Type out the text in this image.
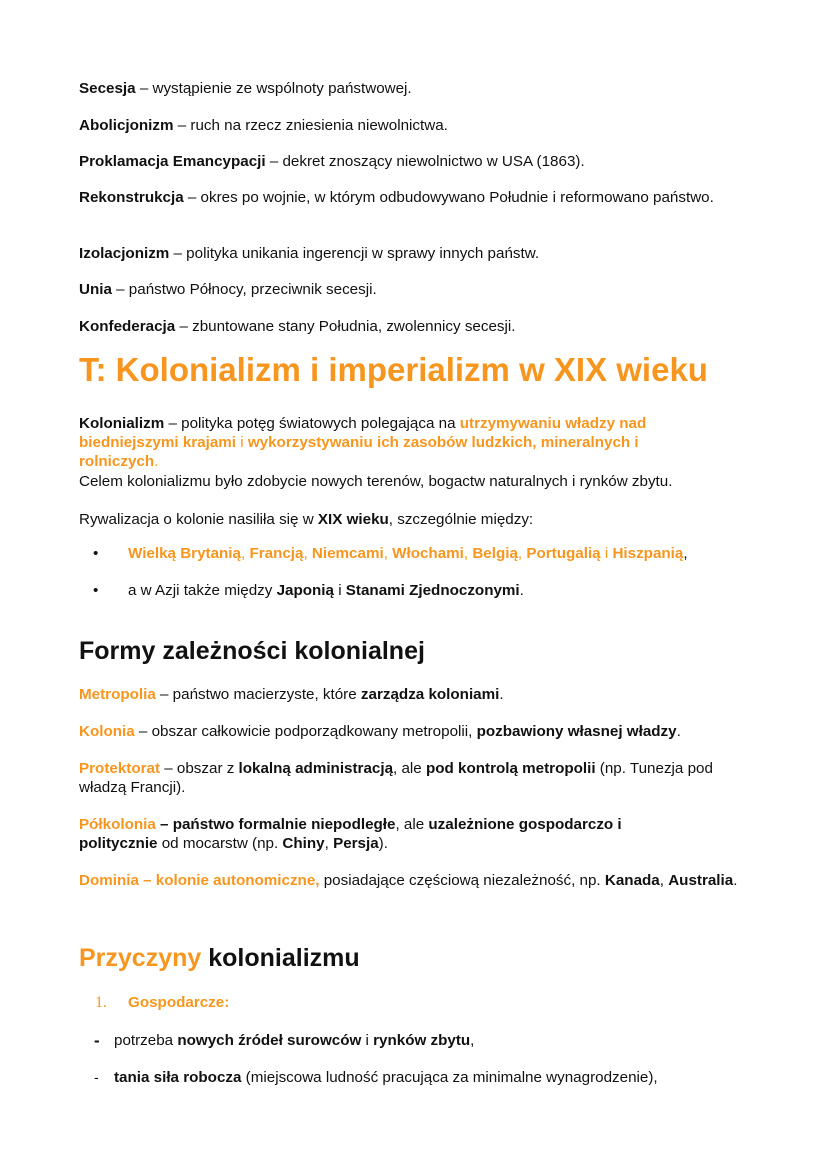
Secesja – wystąpienie ze wspólnoty państwowej.

Abolicjonizm – ruch na rzecz zniesienia niewolnictwa.

Proklamacja Emancypacji – dekret znoszący niewolnictwo w USA (1863).

Rekonstrukcja – okres po wojnie, w którym odbudowywano Południe i reformowano państwo.

Izolacjonizm – polityka unikania ingerencji w sprawy innych państw.

Unia – państwo Północy, przeciwnik secesji.

Konfederacja – zbuntowane stany Południa, zwolennicy secesji.

T: Kolonializm i imperializm w XIX wieku

Kolonializm – polityka potęg światowych polegająca na utrzymywaniu władzy nad biedniejszymi krajami i wykorzystywaniu ich zasobów ludzkich, mineralnych i rolniczych.

Celem kolonializmu było zdobycie nowych terenów, bogactw naturalnych i rynków zbytu.

Rywalizacja o kolonie nasiliła się w XIX wieku, szczególnie między:

• Wielką Brytanią, Francją, Niemcami, Włochami, Belgią, Portugalią i Hiszpanią,
• a w Azji także między Japonią i Stanami Zjednoczonymi.
Formy zależności kolonialnej

Metropolia – państwo macierzyste, które zarządza koloniami.

Kolonia – obszar całkowicie podporządkowany metropolii, pozbawiony własnej władzy.

Protektorat – obszar z lokalną administracją, ale pod kontrolą metropolii (np. Tunezja pod władzą Francji).

Półkolonia – państwo formalnie niepodległe, ale uzależnione gospodarczo i politycznie od mocarstw (np. Chiny, Persja).

Dominia – kolonie autonomiczne, posiadające częściową niezależność, np. Kanada, Australia.

Przyczyny kolonializmu
1. Gospodarcze:
- potrzeba nowych źródeł surowców i rynków zbytu,
- tania siła robocza (miejscowa ludność pracująca za minimalne wynagrodzenie),
